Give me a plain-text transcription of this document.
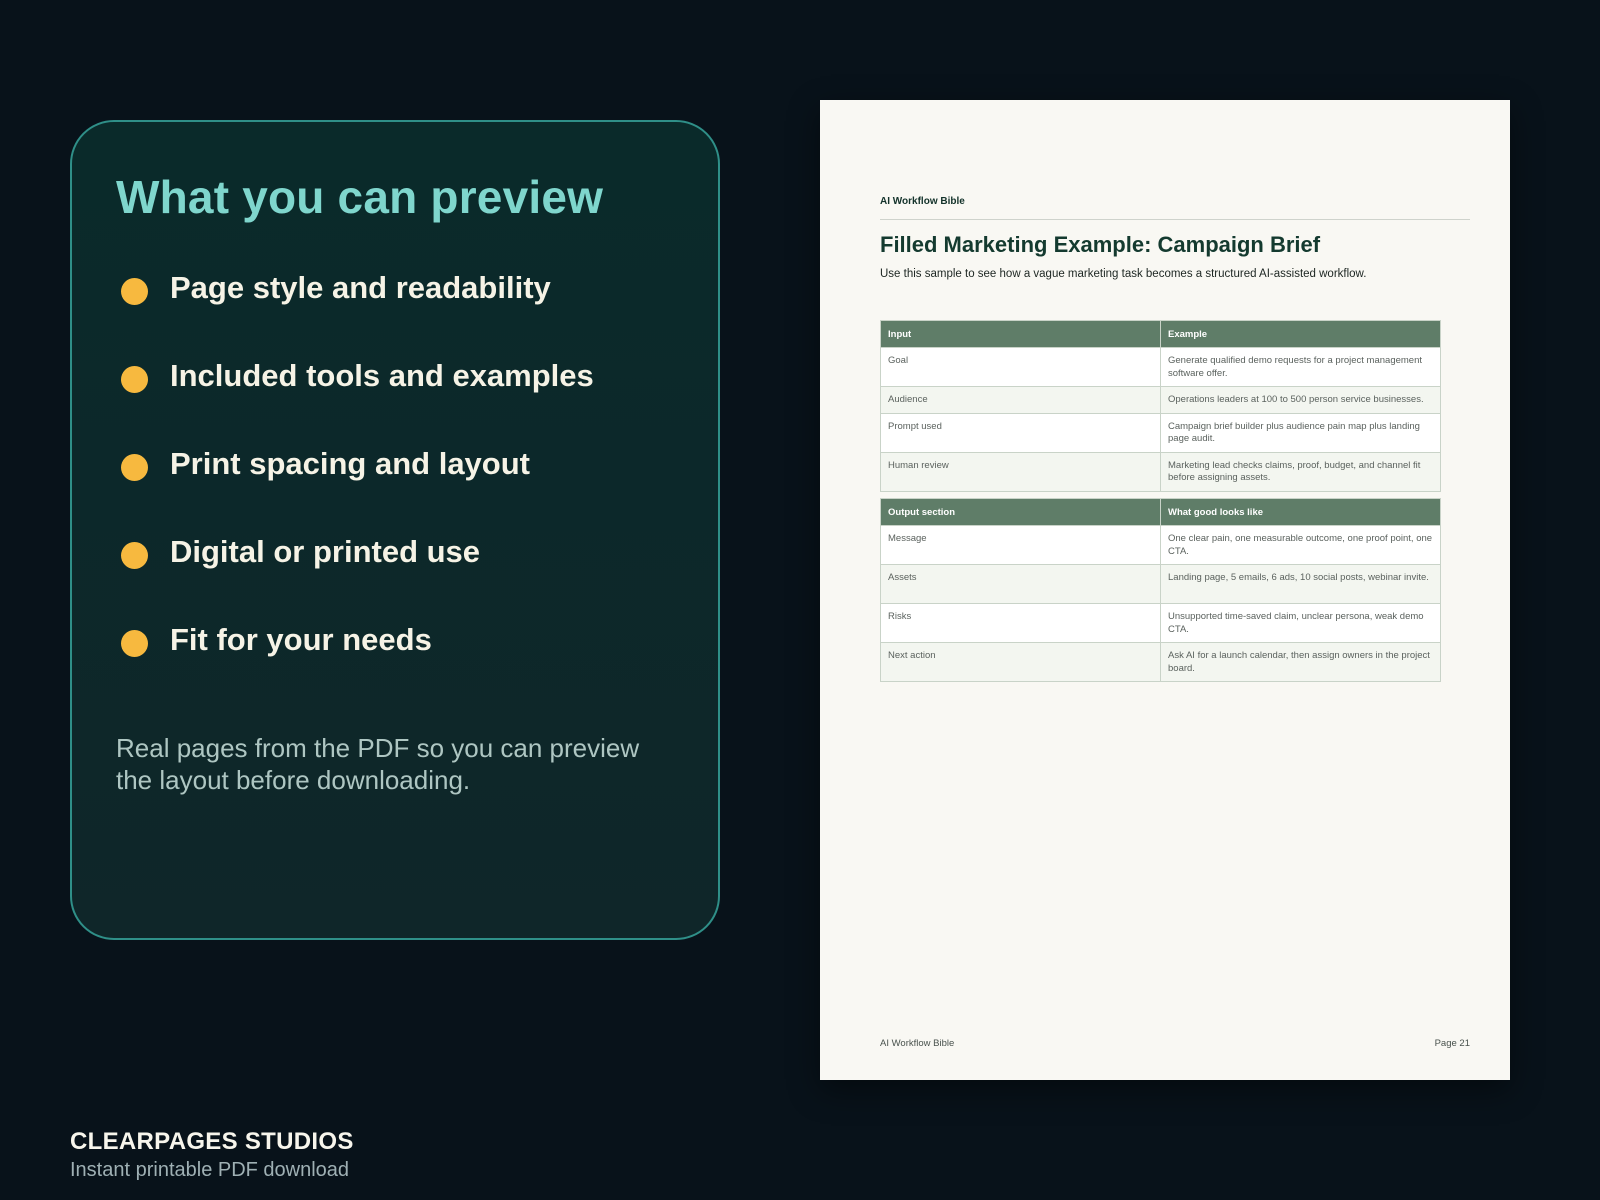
What you can preview
Page style and readability
Included tools and examples
Print spacing and layout
Digital or printed use
Fit for your needs

Real pages from the PDF so you can preview the layout before downloading.

AI Workflow Bible
Filled Marketing Example: Campaign Brief

Use this sample to see how a vague marketing task becomes a structured AI-assisted workflow.

Input	Example
Goal	Generate qualified demo requests for a project management software offer.
Audience	Operations leaders at 100 to 500 person service businesses.
Prompt used	Campaign brief builder plus audience pain map plus landing page audit.
Human review	Marketing lead checks claims, proof, budget, and channel fit before assigning assets.
Output section	What good looks like
Message	One clear pain, one measurable outcome, one proof point, one CTA.
Assets	Landing page, 5 emails, 6 ads, 10 social posts, webinar invite.
Risks	Unsupported time-saved claim, unclear persona, weak demo CTA.
Next action	Ask AI for a launch calendar, then assign owners in the project board.
AI Workflow Bible	Page 21

CLEARPAGES STUDIOS

Instant printable PDF download
